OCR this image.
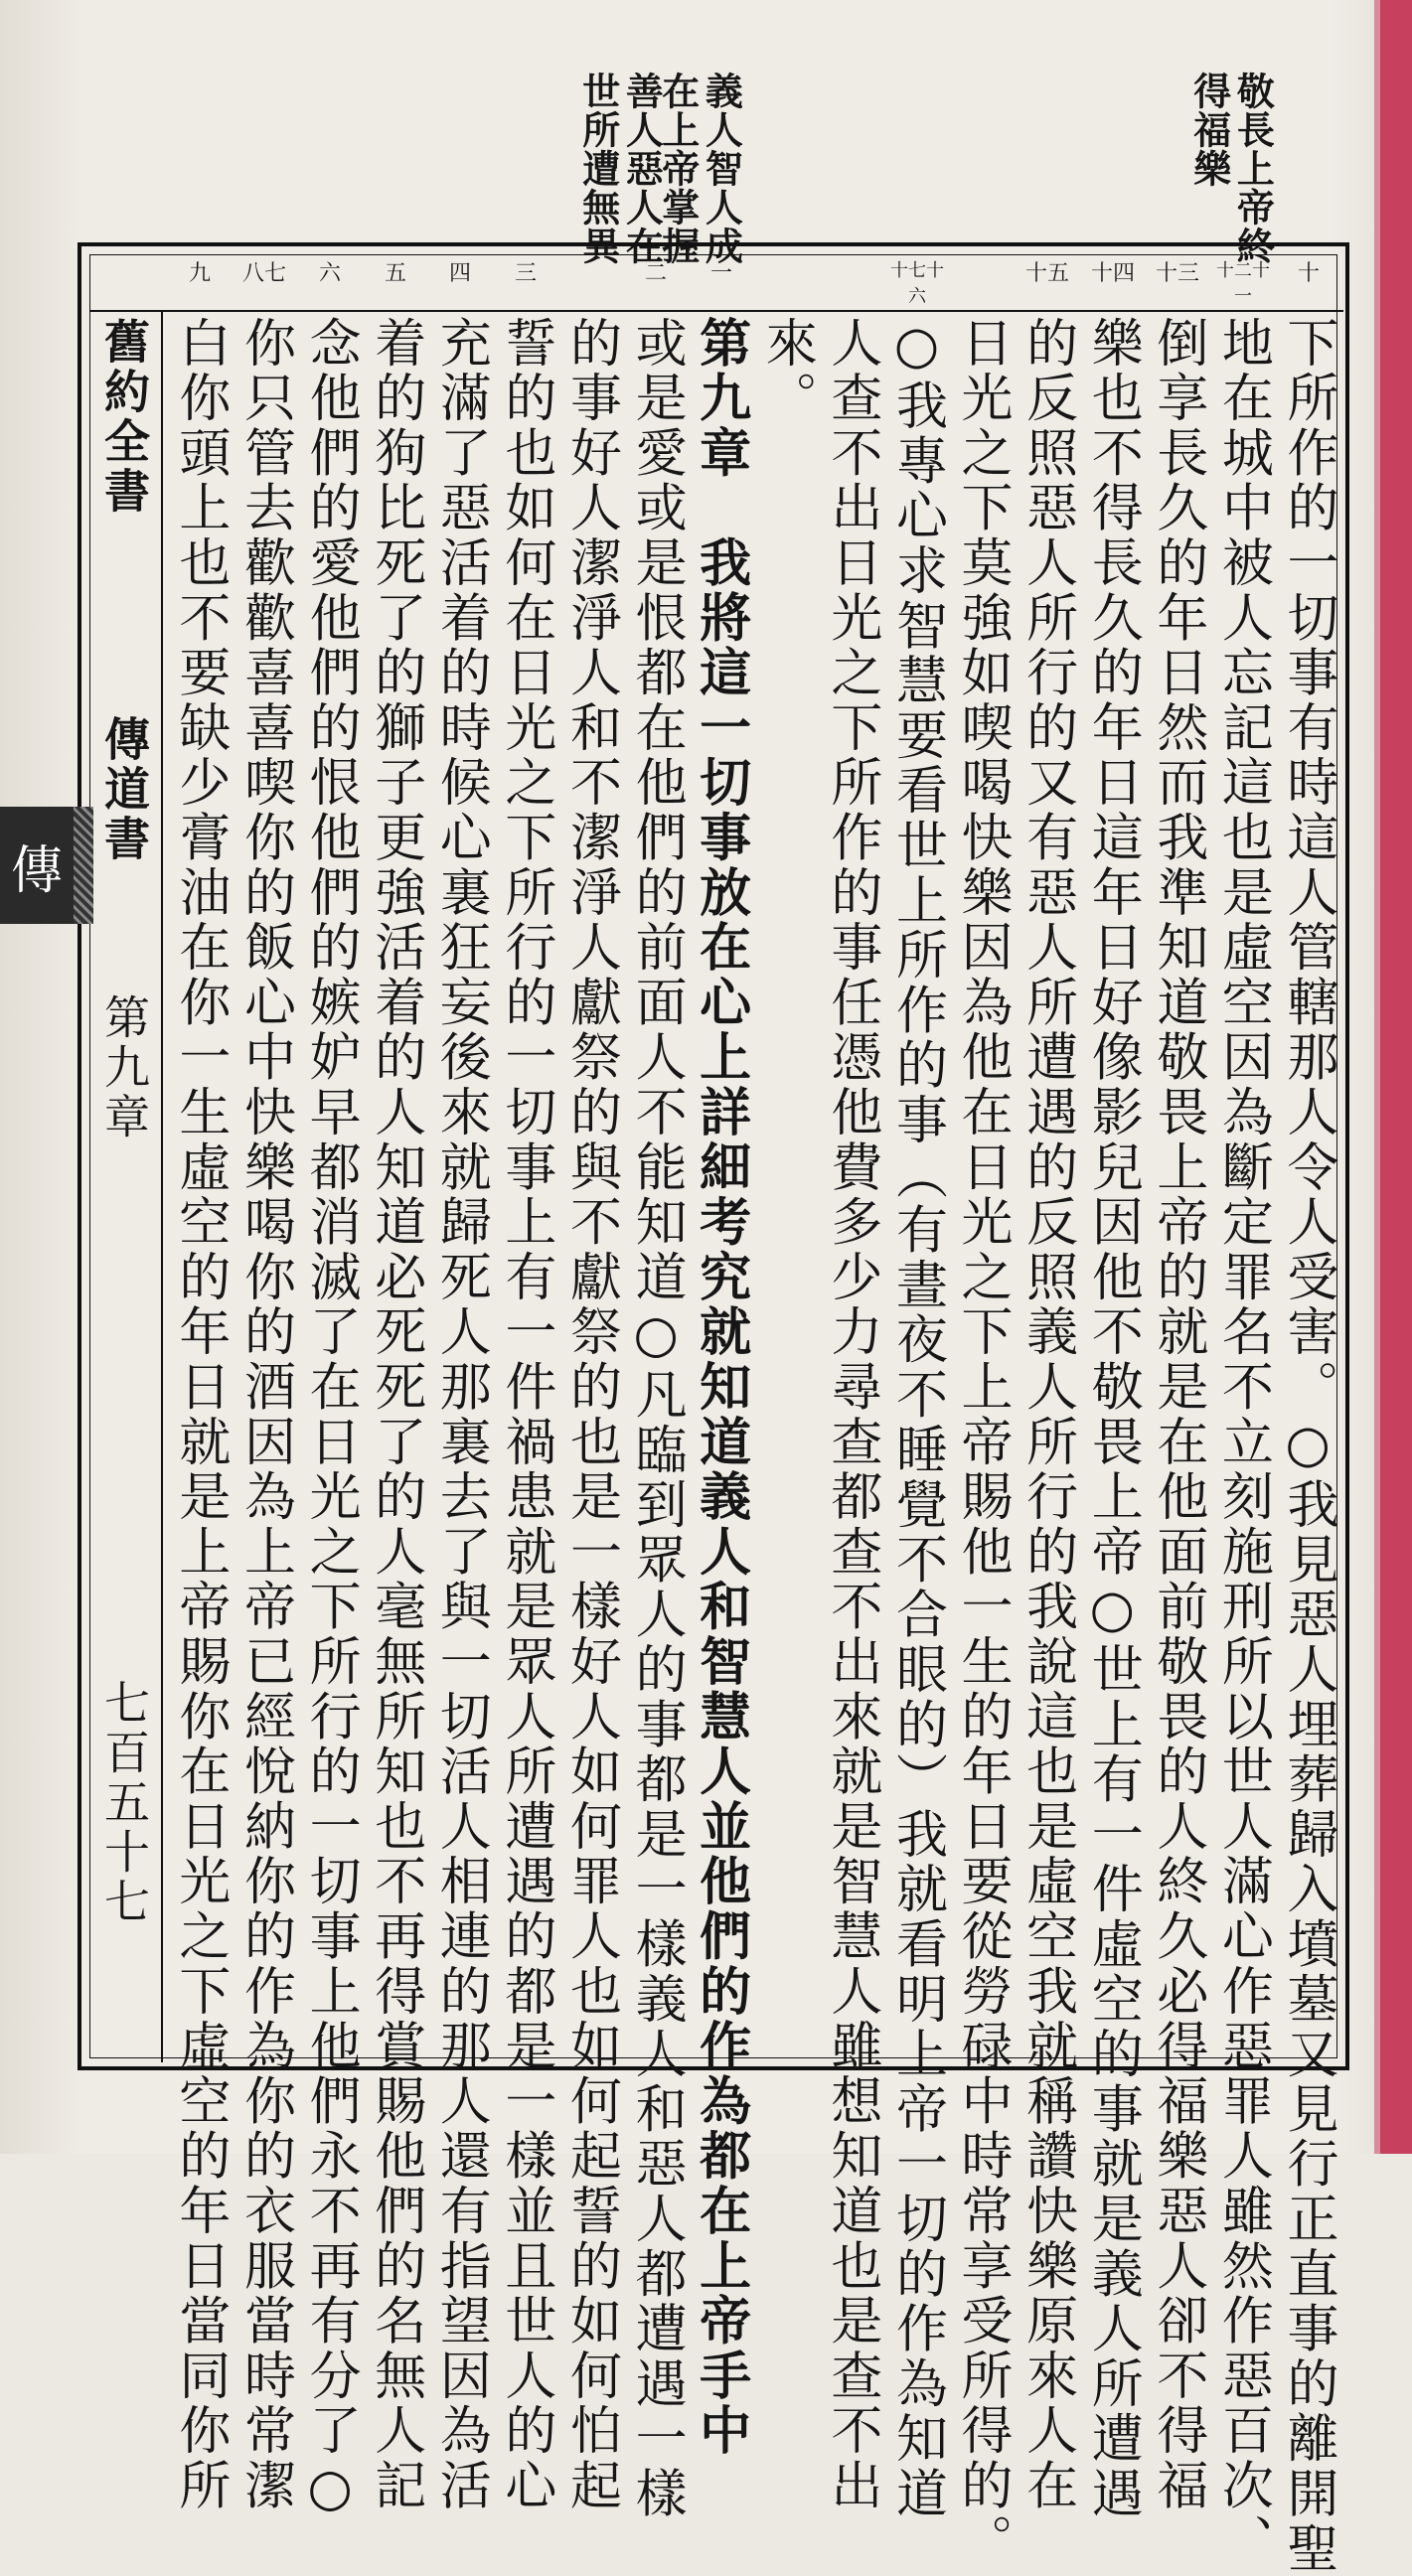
敬長上帝終
得福樂
義人智人成
在上帝掌握
善人惡人在
世所遭無異
十
十二十一
十三
十四
十五
十七十六
一
二
三
四
五
六
八七
九
舊約全書
傳道書
第九章
七百五十七
傳	下所作的一切事有時這人管轄那人令人受害。○我見惡人埋葬歸入墳墓又見行正直事的離開聖
地在城中被人忘記這也是虛空因為斷定罪名不立刻施刑所以世人滿心作惡罪人雖然作惡百次、
倒享長久的年日然而我準知道敬畏上帝的就是在他面前敬畏的人終久必得福樂惡人卻不得福
樂也不得長久的年日這年日好像影兒因他不敬畏上帝○世上有一件虛空的事就是義人所遭遇
的反照惡人所行的又有惡人所遭遇的反照義人所行的我說這也是虛空我就稱讚快樂原來人在
日光之下莫強如喫喝快樂因為他在日光之下上帝賜他一生的年日要從勞碌中時常享受所得的。
○我專心求智慧要看世上所作的事（有晝夜不睡覺不合眼的）我就看明上帝一切的作為知道
人查不出日光之下所作的事任憑他費多少力尋查都查不出來就是智慧人雖想知道也是查不出
來。
第九章　我將這一切事放在心上詳細考究就知道義人和智慧人並他們的作為都在上帝手中
或是愛或是恨都在他們的前面人不能知道○凡臨到眾人的事都是一樣義人和惡人都遭遇一樣
的事好人潔淨人和不潔淨人獻祭的與不獻祭的也是一樣好人如何罪人也如何起誓的如何怕起
誓的也如何在日光之下所行的一切事上有一件禍患就是眾人所遭遇的都是一樣並且世人的心
充滿了惡活着的時候心裏狂妄後來就歸死人那裏去了與一切活人相連的那人還有指望因為活
着的狗比死了的獅子更強活着的人知道必死死了的人毫無所知也不再得賞賜他們的名無人記
念他們的愛他們的恨他們的嫉妒早都消滅了在日光之下所行的一切事上他們永不再有分了○
你只管去歡歡喜喜喫你的飯心中快樂喝你的酒因為上帝已經悅納你的作為你的衣服當時常潔
白你頭上也不要缺少膏油在你一生虛空的年日就是上帝賜你在日光之下虛空的年日當同你所
